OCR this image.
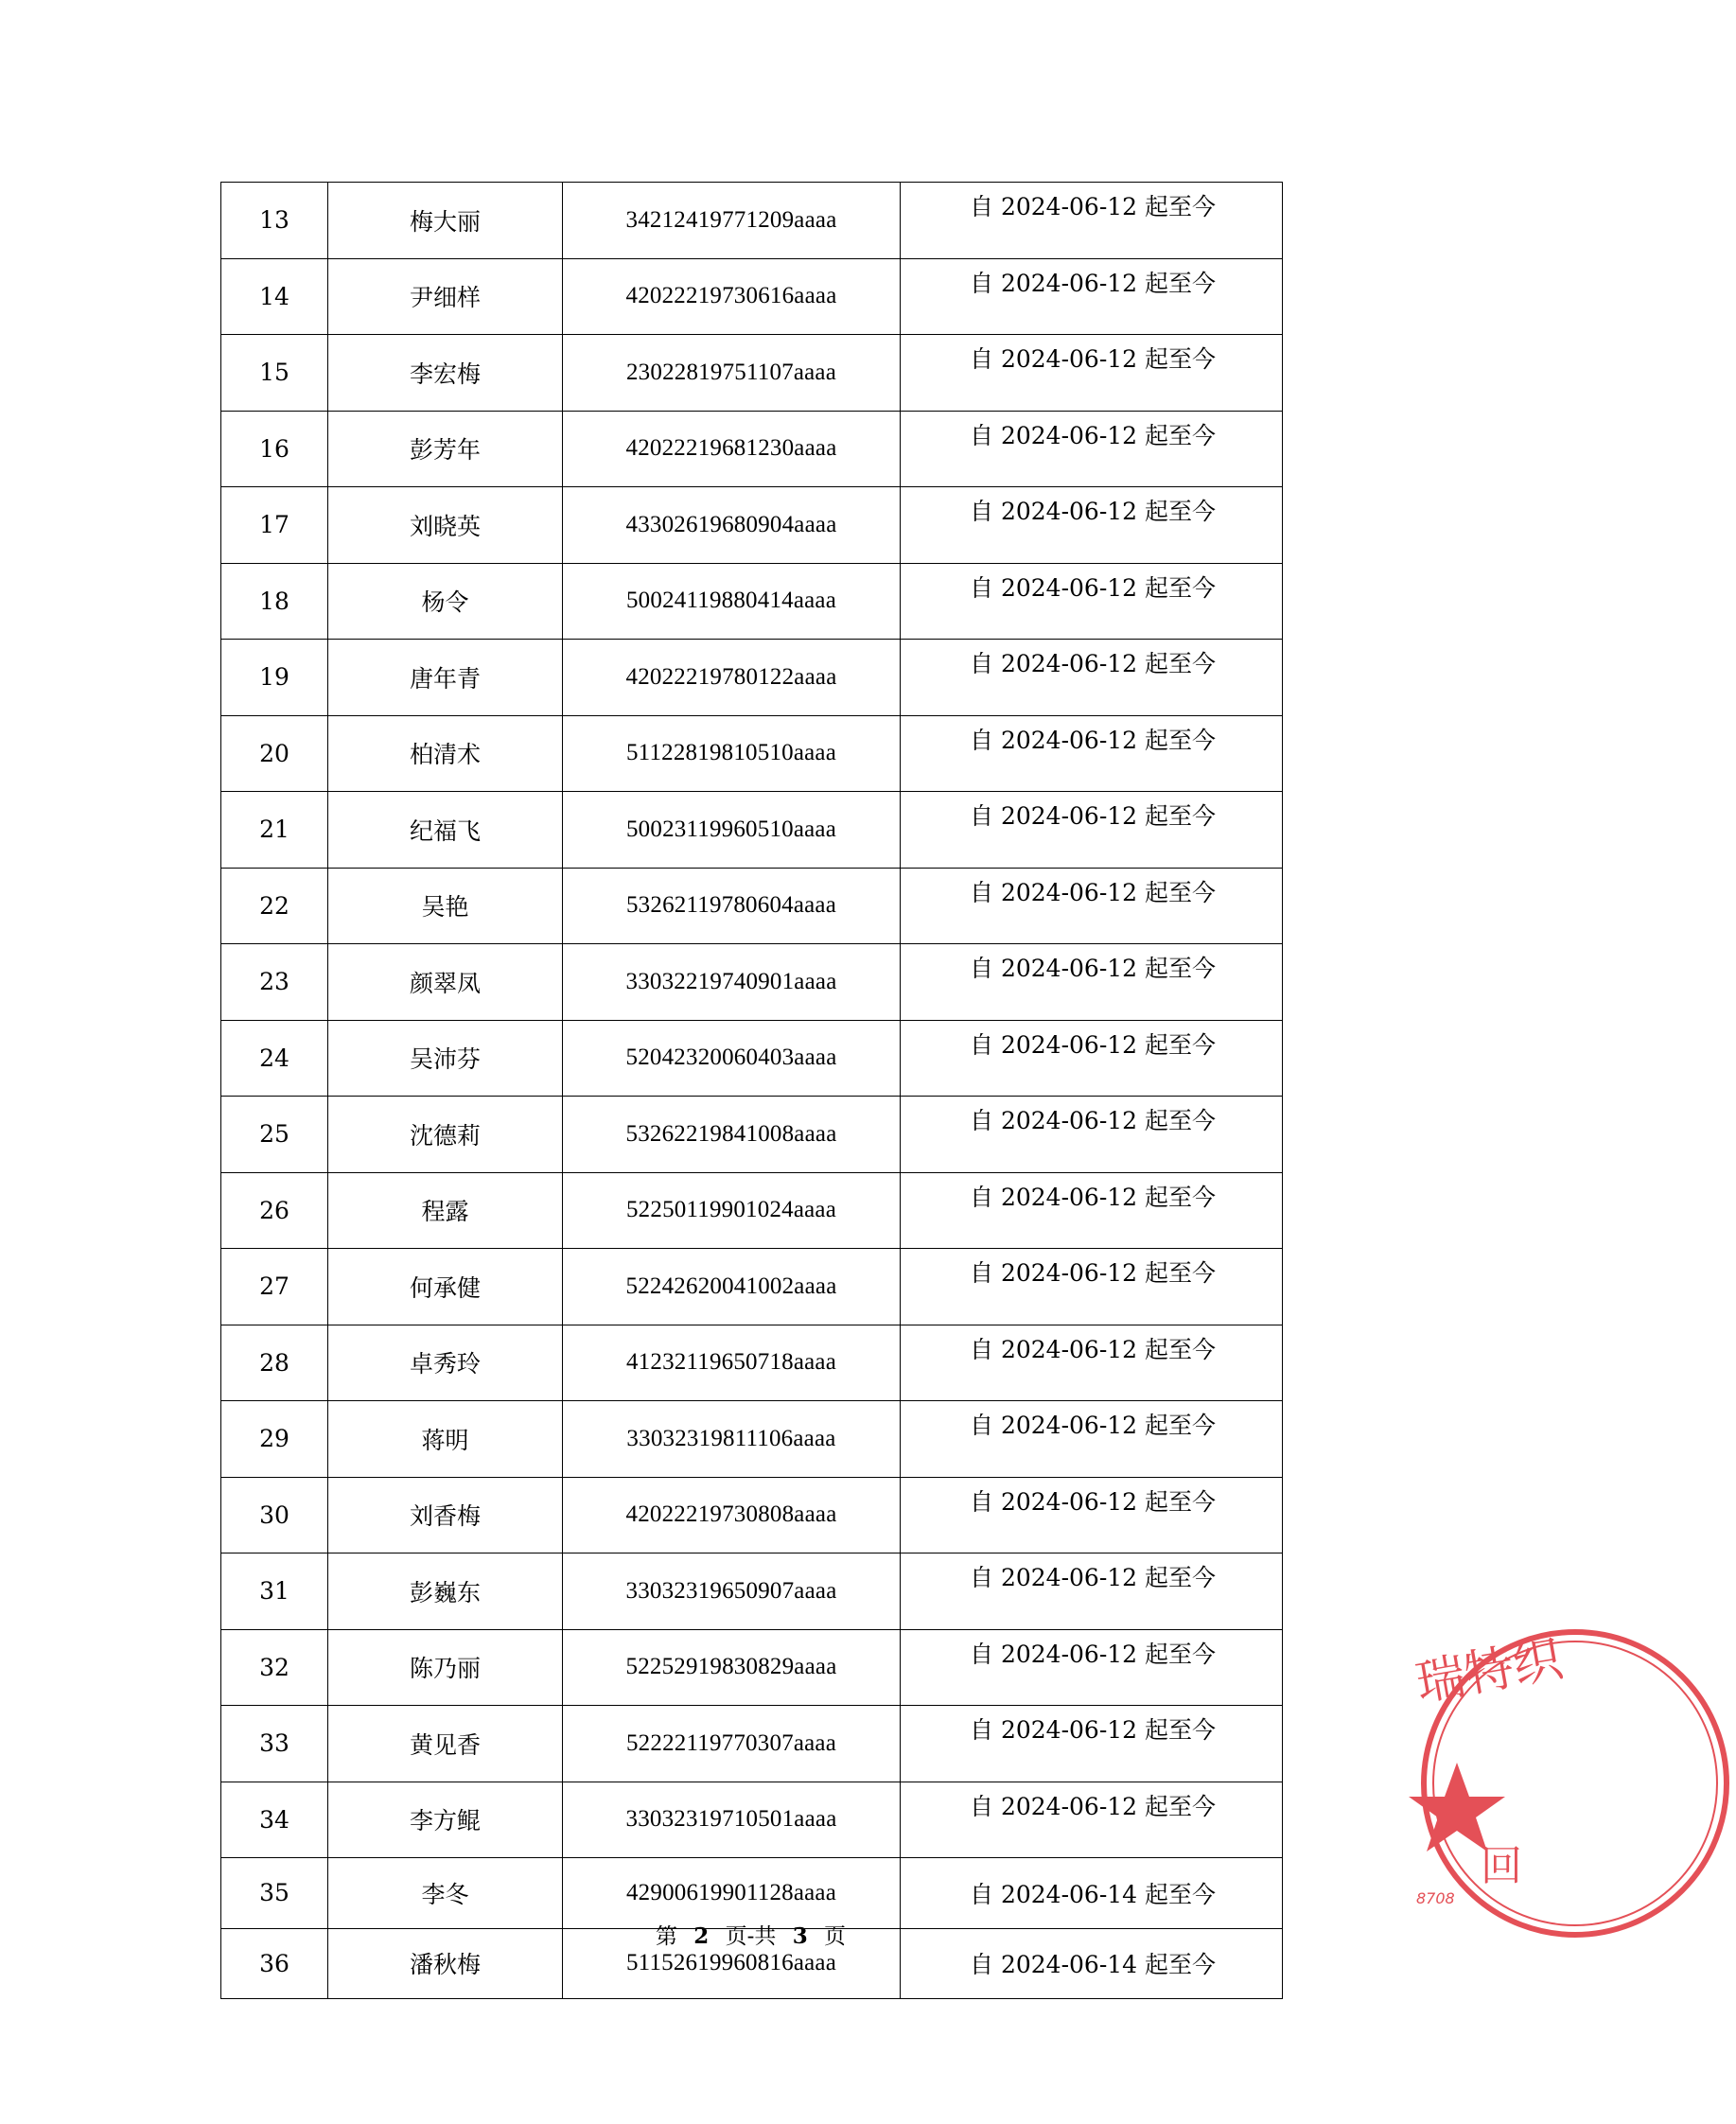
13	梅大丽	34212419771209aaaa	自 2024-06-12 起至今
14	尹细样	42022219730616aaaa	自 2024-06-12 起至今
15	李宏梅	23022819751107aaaa	自 2024-06-12 起至今
16	彭芳年	42022219681230aaaa	自 2024-06-12 起至今
17	刘晓英	43302619680904aaaa	自 2024-06-12 起至今
18	杨令	50024119880414aaaa	自 2024-06-12 起至今
19	唐年青	42022219780122aaaa	自 2024-06-12 起至今
20	柏清术	51122819810510aaaa	自 2024-06-12 起至今
21	纪福飞	50023119960510aaaa	自 2024-06-12 起至今
22	吴艳	53262119780604aaaa	自 2024-06-12 起至今
23	颜翠凤	33032219740901aaaa	自 2024-06-12 起至今
24	吴沛芬	52042320060403aaaa	自 2024-06-12 起至今
25	沈德莉	53262219841008aaaa	自 2024-06-12 起至今
26	程露	52250119901024aaaa	自 2024-06-12 起至今
27	何承健	52242620041002aaaa	自 2024-06-12 起至今
28	卓秀玲	41232119650718aaaa	自 2024-06-12 起至今
29	蒋明	33032319811106aaaa	自 2024-06-12 起至今
30	刘香梅	42022219730808aaaa	自 2024-06-12 起至今
31	彭巍东	33032319650907aaaa	自 2024-06-12 起至今
32	陈乃丽	52252919830829aaaa	自 2024-06-12 起至今
33	黄见香	52222119770307aaaa	自 2024-06-12 起至今
34	李方鲲	33032319710501aaaa	自 2024-06-12 起至今
35	李冬	42900619901128aaaa	自 2024-06-14 起至今
36	潘秋梅	51152619960816aaaa	自 2024-06-14 起至今
第 2 页-共 3 页
瑞特织
回
8708
